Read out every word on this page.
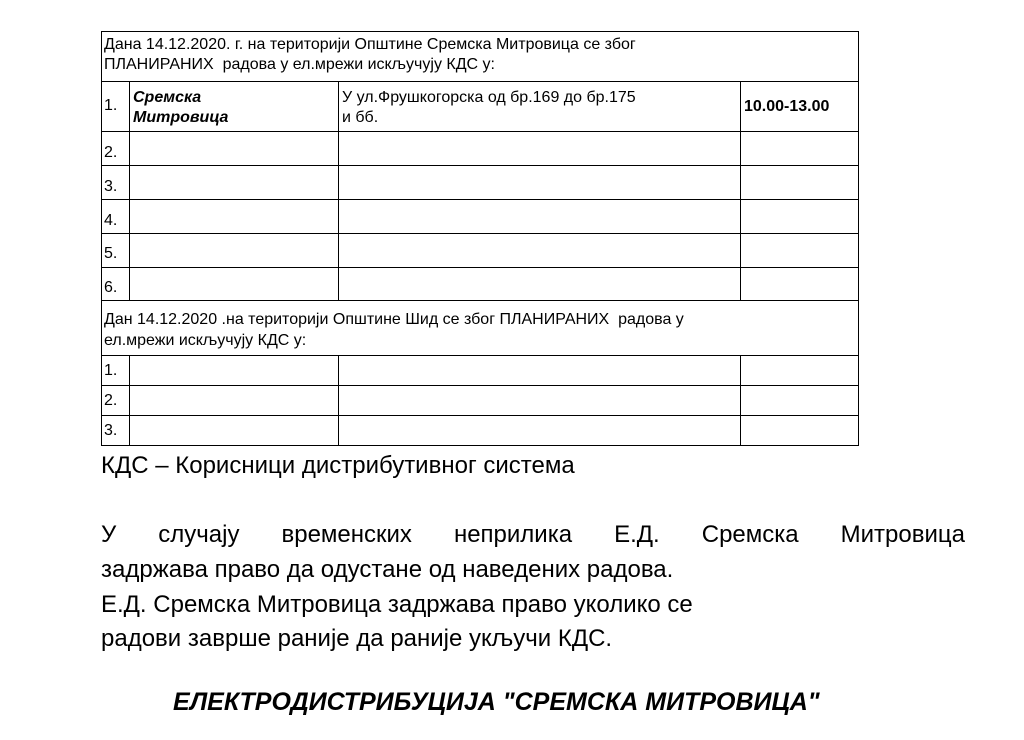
Дана 14.12.2020. г. на територији Општине Сремска Митровица се због
ПЛАНИРАНИХ  радова у ел.мрежи искључују КДС у:
1. Сремска
Митровица
У ул.Фрушкогорска од бр.169 до бр.175
и бб.
10.00-13.00
2.
3.
4.
5.
6.
Дан 14.12.2020 .на територији Општине Шид се због ПЛАНИРАНИХ  радова у
ел.мрежи искључују КДС у:
1.
2.
3.
КДС – Корисници дистрибутивног система
У случају временских неприлика Е.Д. Сремска Митровица
задржава право да одустане од наведених радова.
Е.Д. Сремска Митровица задржава право уколико се
радови заврше раније да раније укључи КДС.
ЕЛЕКТРОДИСТРИБУЦИЈА "СРЕМСКА МИТРОВИЦА"
